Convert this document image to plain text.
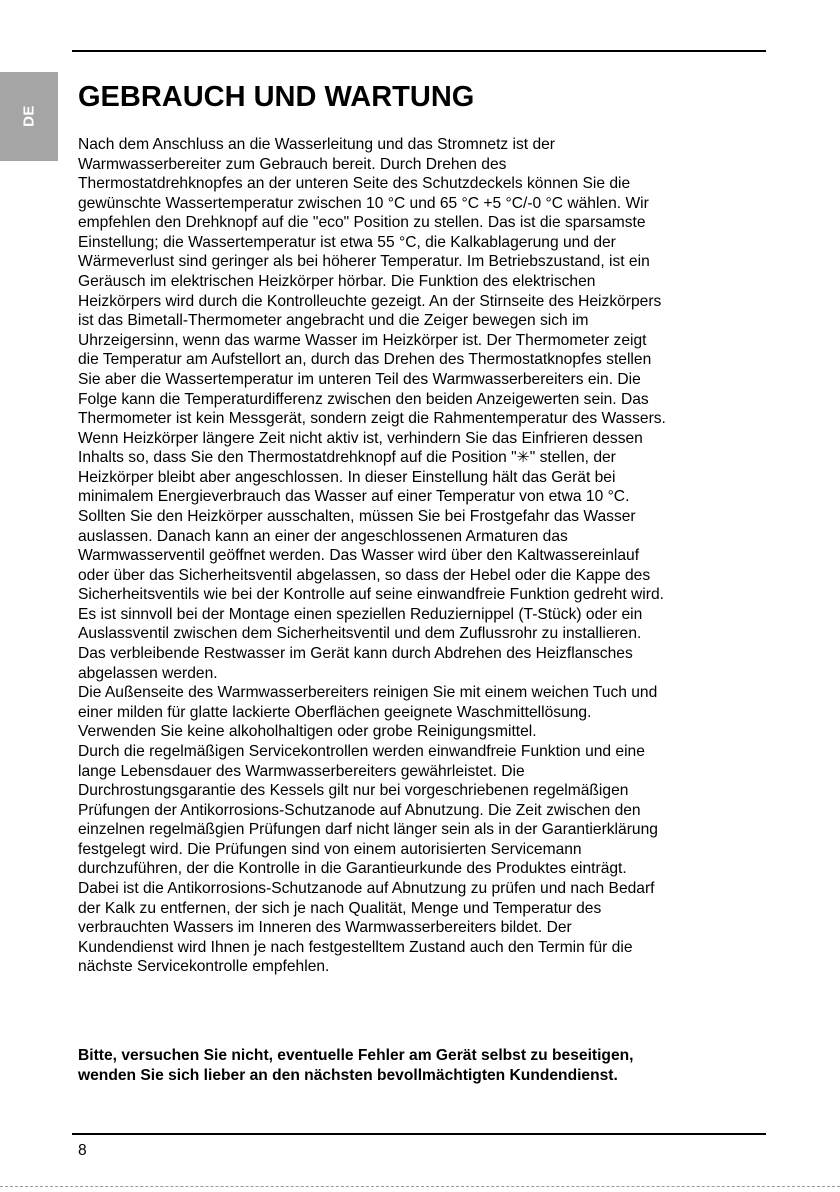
DE
GEBRAUCH UND WARTUNG
Nach dem Anschluss an die Wasserleitung und das Stromnetz ist der
Warmwasserbereiter zum Gebrauch bereit. Durch Drehen des
Thermostatdrehknopfes an der unteren Seite des Schutzdeckels können Sie die
gewünschte Wassertemperatur zwischen 10 °C und 65 °C +5 °C/-0 °C wählen. Wir
empfehlen den Drehknopf auf die "eco" Position zu stellen. Das ist die sparsamste
Einstellung; die Wassertemperatur ist etwa 55 °C, die Kalkablagerung und der
Wärmeverlust sind geringer als bei höherer Temperatur. Im Betriebszustand, ist ein
Geräusch im elektrischen Heizkörper hörbar. Die Funktion des elektrischen
Heizkörpers wird durch die Kontrolleuchte gezeigt. An der Stirnseite des Heizkörpers
ist das Bimetall-Thermometer angebracht und die Zeiger bewegen sich im
Uhrzeigersinn, wenn das warme Wasser im Heizkörper ist. Der Thermometer zeigt
die Temperatur am Aufstellort an, durch das Drehen des Thermostatknopfes stellen
Sie aber die Wassertemperatur im unteren Teil des Warmwasserbereiters ein. Die
Folge kann die Temperaturdifferenz zwischen den beiden Anzeigewerten sein. Das
Thermometer ist kein Messgerät, sondern zeigt die Rahmentemperatur des Wassers.
Wenn Heizkörper längere Zeit nicht aktiv ist, verhindern Sie das Einfrieren dessen
Inhalts so, dass Sie den Thermostatdrehknopf auf die Position "✳" stellen, der
Heizkörper bleibt aber angeschlossen. In dieser Einstellung hält das Gerät bei
minimalem Energieverbrauch das Wasser auf einer Temperatur von etwa 10 °C.
Sollten Sie den Heizkörper ausschalten, müssen Sie bei Frostgefahr das Wasser
auslassen. Danach kann an einer der angeschlossenen Armaturen das
Warmwasserventil geöffnet werden. Das Wasser wird über den Kaltwassereinlauf
oder über das Sicherheitsventil abgelassen, so dass der Hebel oder die Kappe des
Sicherheitsventils wie bei der Kontrolle auf seine einwandfreie Funktion gedreht wird.
Es ist sinnvoll bei der Montage einen speziellen Reduziernippel (T-Stück) oder ein
Auslassventil zwischen dem Sicherheitsventil und dem Zuflussrohr zu installieren.
Das verbleibende Restwasser im Gerät kann durch Abdrehen des Heizflansches
abgelassen werden.
Die Außenseite des Warmwasserbereiters reinigen Sie mit einem weichen Tuch und
einer milden für glatte lackierte Oberflächen geeignete Waschmittellösung.
Verwenden Sie keine alkoholhaltigen oder grobe Reinigungsmittel.
Durch die regelmäßigen Servicekontrollen werden einwandfreie Funktion und eine
lange Lebensdauer des Warmwasserbereiters gewährleistet. Die
Durchrostungsgarantie des Kessels gilt nur bei vorgeschriebenen regelmäßigen
Prüfungen der Antikorrosions-Schutzanode auf Abnutzung. Die Zeit zwischen den
einzelnen regelmäßgien Prüfungen darf nicht länger sein als in der Garantierklärung
festgelegt wird. Die Prüfungen sind von einem autorisierten Servicemann
durchzuführen, der die Kontrolle in die Garantieurkunde des Produktes einträgt.
Dabei ist die Antikorrosions-Schutzanode auf Abnutzung zu prüfen und nach Bedarf
der Kalk zu entfernen, der sich je nach Qualität, Menge und Temperatur des
verbrauchten Wassers im Inneren des Warmwasserbereiters bildet. Der
Kundendienst wird Ihnen je nach festgestelltem Zustand auch den Termin für die
nächste Servicekontrolle empfehlen.
Bitte, versuchen Sie nicht, eventuelle Fehler am Gerät selbst zu beseitigen,
wenden Sie sich lieber an den nächsten bevollmächtigten Kundendienst.
8
